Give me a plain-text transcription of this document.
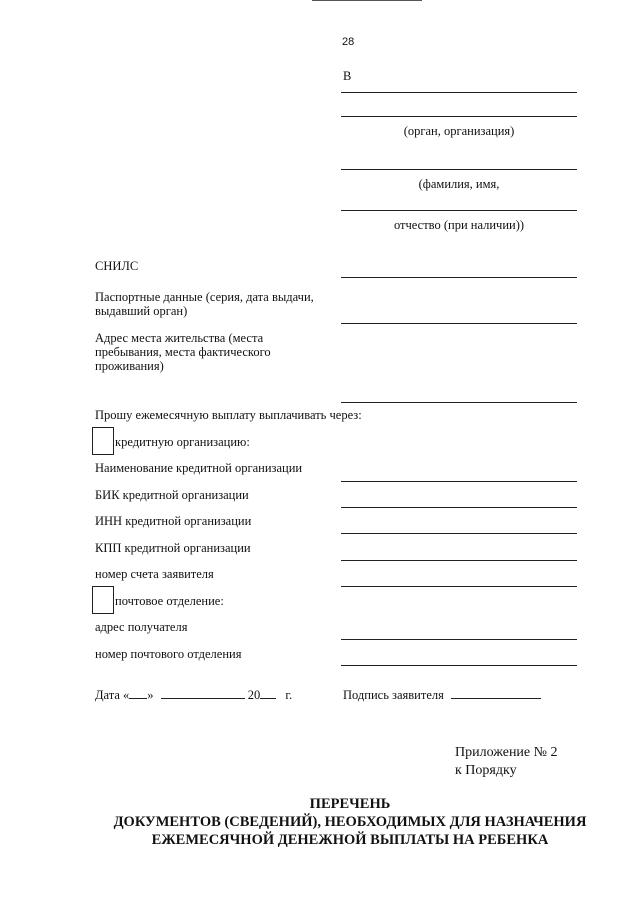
28
В
(орган, организация)
(фамилия, имя,
отчество (при наличии))
СНИЛС
Паспортные данные (серия, дата выдачи,
выдавший орган)
Адрес места жительства (места
пребывания, места фактического
проживания)
Прошу ежемесячную выплату выплачивать через:
кредитную организацию:
Наименование кредитной организации
БИК кредитной организации
ИНН кредитной организации
КПП кредитной организации
номер счета заявителя
почтовое отделение:
адрес получателя
номер почтового отделения
Дата « »	20 г.	Подпись заявителя
Приложение № 2
к Порядку
ПЕРЕЧЕНЬ
ДОКУМЕНТОВ (СВЕДЕНИЙ), НЕОБХОДИМЫХ ДЛЯ НАЗНАЧЕНИЯ
ЕЖЕМЕСЯЧНОЙ ДЕНЕЖНОЙ ВЫПЛАТЫ НА РЕБЕНКА
